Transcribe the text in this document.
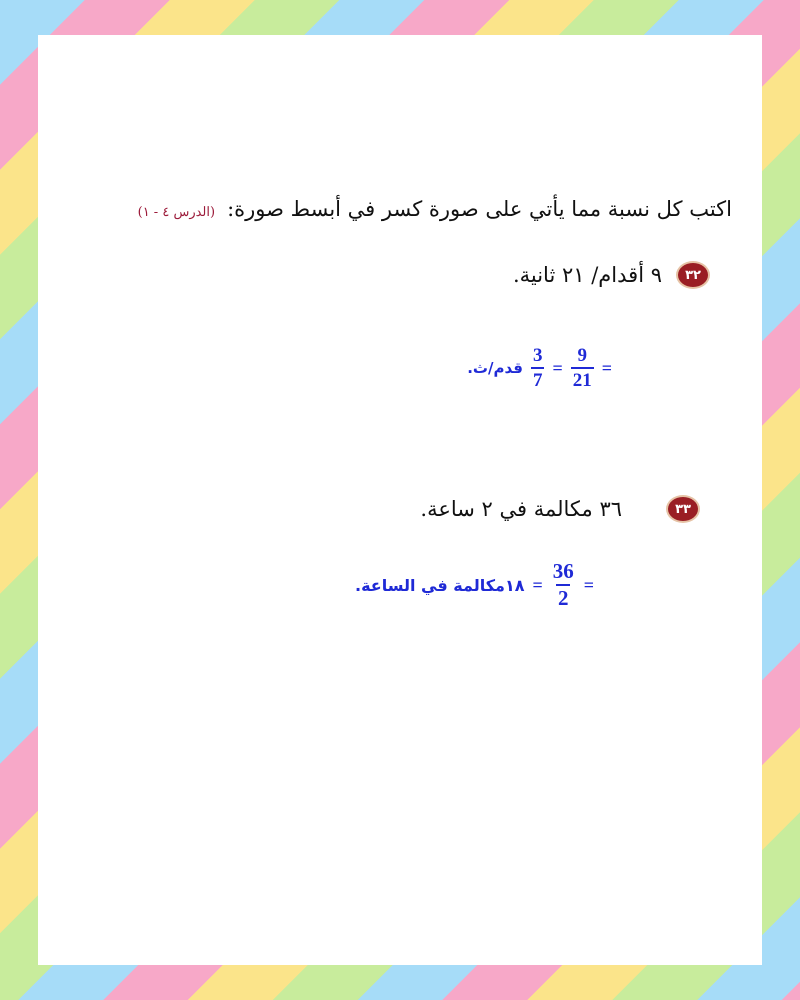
اكتب كل نسبة مما يأتي على صورة كسر في أبسط صورة:
(الدرس ٤ - ١)
٣٢
٩ أقدام/ ٢١ ثانية.
=
$\frac{9}{21}$
=
$\frac{3}{7}$
قدم/ث.
٣٣
٣٦ مكالمة في ٢ ساعة.
=
$\frac{36}{2}$
=
١٨مكالمة في الساعة.
